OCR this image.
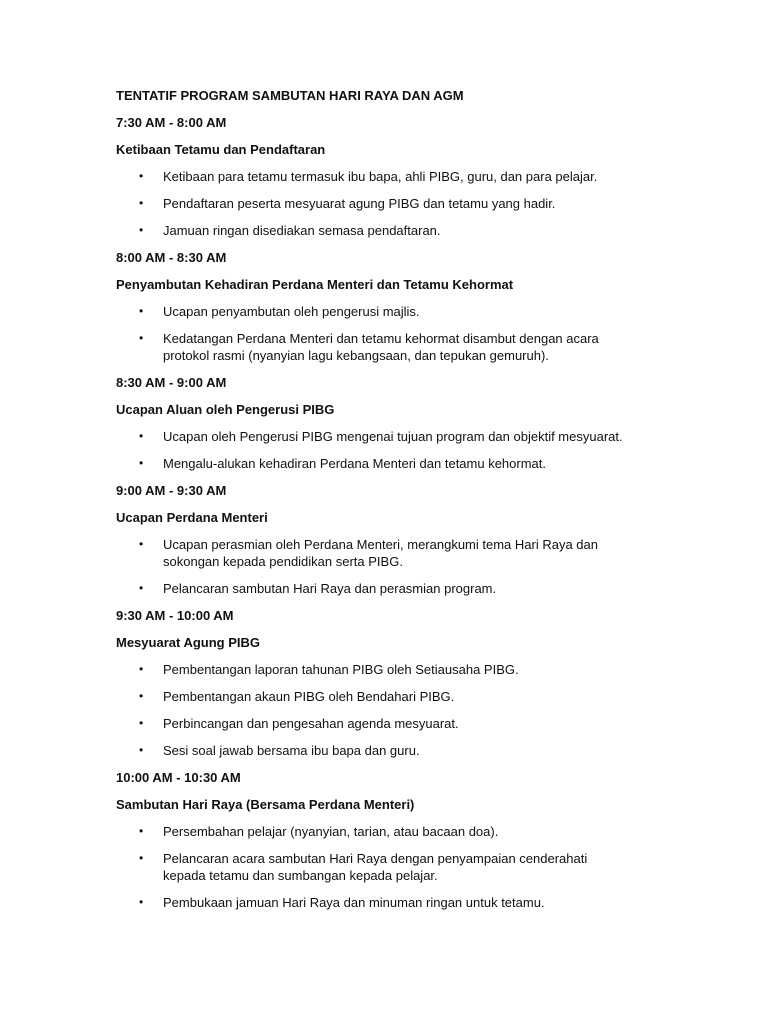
TENTATIF PROGRAM SAMBUTAN HARI RAYA DAN AGM
7:30 AM - 8:00 AM
Ketibaan Tetamu dan Pendaftaran
• Ketibaan para tetamu termasuk ibu bapa, ahli PIBG, guru, dan para pelajar.
• Pendaftaran peserta mesyuarat agung PIBG dan tetamu yang hadir.
• Jamuan ringan disediakan semasa pendaftaran.
8:00 AM - 8:30 AM
Penyambutan Kehadiran Perdana Menteri dan Tetamu Kehormat
• Ucapan penyambutan oleh pengerusi majlis.
• Kedatangan Perdana Menteri dan tetamu kehormat disambut dengan acara protokol rasmi (nyanyian lagu kebangsaan, dan tepukan gemuruh).
8:30 AM - 9:00 AM
Ucapan Aluan oleh Pengerusi PIBG
• Ucapan oleh Pengerusi PIBG mengenai tujuan program dan objektif mesyuarat.
• Mengalu-alukan kehadiran Perdana Menteri dan tetamu kehormat.
9:00 AM - 9:30 AM
Ucapan Perdana Menteri
• Ucapan perasmian oleh Perdana Menteri, merangkumi tema Hari Raya dan sokongan kepada pendidikan serta PIBG.
• Pelancaran sambutan Hari Raya dan perasmian program.
9:30 AM - 10:00 AM
Mesyuarat Agung PIBG
• Pembentangan laporan tahunan PIBG oleh Setiausaha PIBG.
• Pembentangan akaun PIBG oleh Bendahari PIBG.
• Perbincangan dan pengesahan agenda mesyuarat.
• Sesi soal jawab bersama ibu bapa dan guru.
10:00 AM - 10:30 AM
Sambutan Hari Raya (Bersama Perdana Menteri)
• Persembahan pelajar (nyanyian, tarian, atau bacaan doa).
• Pelancaran acara sambutan Hari Raya dengan penyampaian cenderahati kepada tetamu dan sumbangan kepada pelajar.
• Pembukaan jamuan Hari Raya dan minuman ringan untuk tetamu.
